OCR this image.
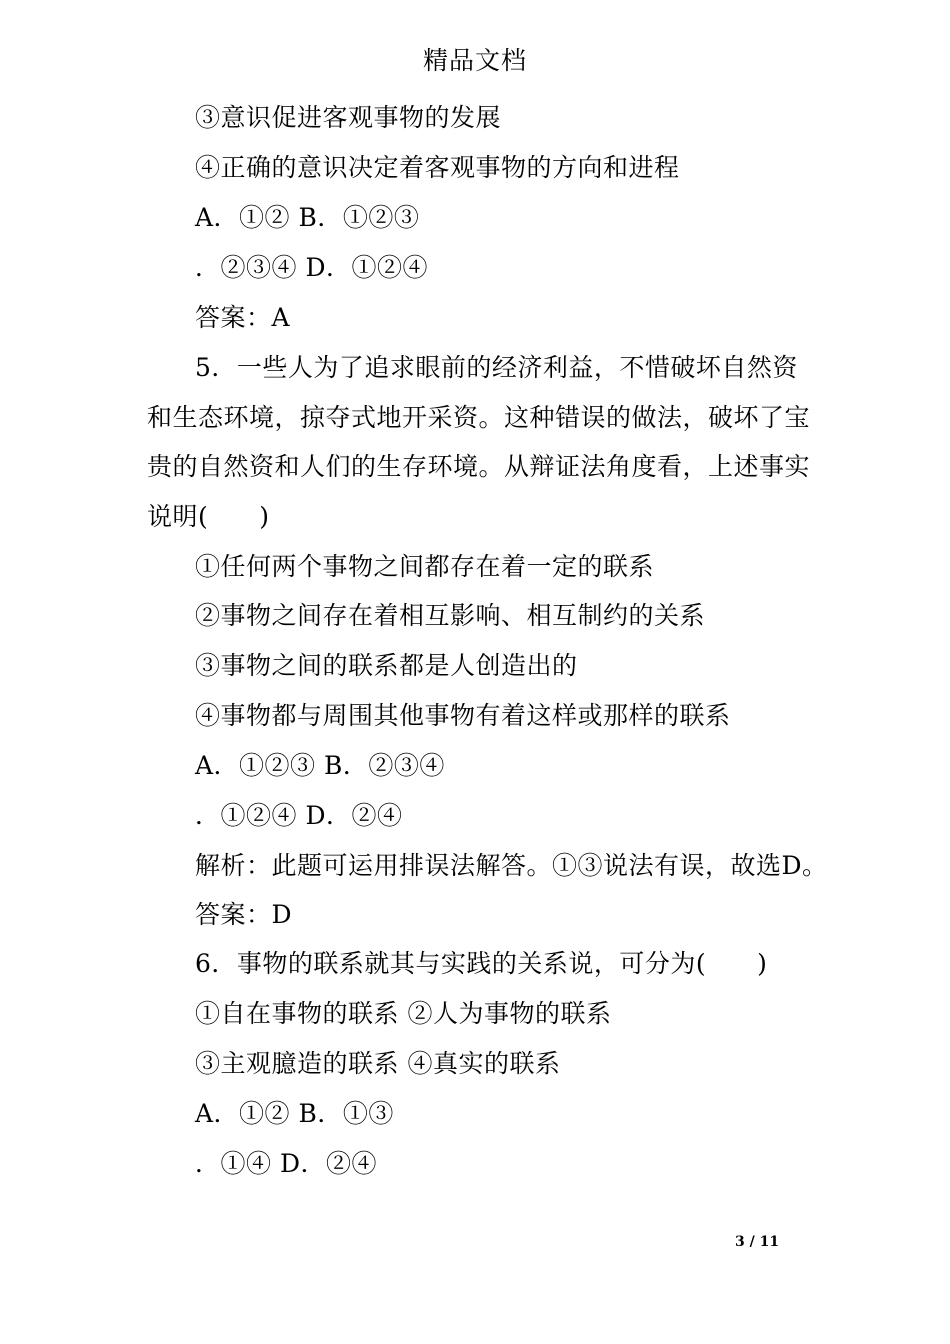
精品文档
③意识促进客观事物的发展
④正确的意识决定着客观事物的方向和进程
A．①② B．①②③
．②③④ D．①②④
答案：A
5．一些人为了追求眼前的经济利益，不惜破坏自然资
和生态环境，掠夺式地开采资。这种错误的做法，破坏了宝
贵的自然资和人们的生存环境。从辩证法角度看，上述事实
说明(　　)
①任何两个事物之间都存在着一定的联系
②事物之间存在着相互影响、相互制约的关系
③事物之间的联系都是人创造出的
④事物都与周围其他事物有着这样或那样的联系
A．①②③ B．②③④
．①②④ D．②④
解析：此题可运用排误法解答。①③说法有误，故选D。
答案：D
6．事物的联系就其与实践的关系说，可分为(　　)
①自在事物的联系 ②人为事物的联系
③主观臆造的联系 ④真实的联系
A．①② B．①③
．①④ D．②④
3 / 11
